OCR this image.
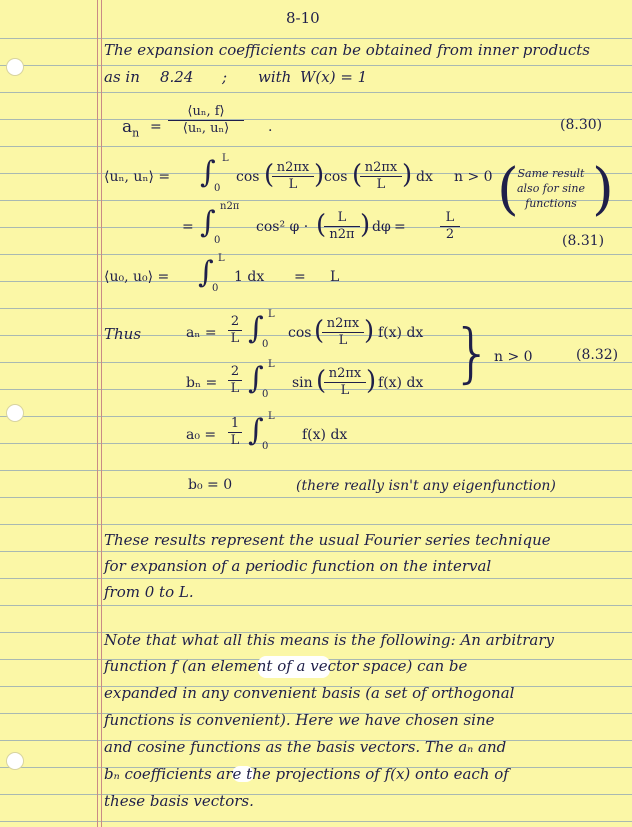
8-10
The expansion coefficients can be obtained from inner products
as in 8.24 ; with W(x) = 1
$a_n = \frac{\text{⟨uₙ, f⟩}}{\text{⟨uₙ, uₙ⟩}}$ .	(8.30)
⟨uₙ, uₙ⟩ = ∫ L
0
cos (
$\frac{n2\pi x}{L}$ ) cos (
$\frac{n2\pi x}{L}$ ) dx n > 0
= ∫ n2π
0
cos² φ · (
$\frac{L}{n2\pi}$ ) dφ =	$\frac{L}{2}$
Same result also for sine functions
( )
(8.31)
⟨u₀, u₀⟩ = ∫ L
0
1 dx = L
Thus	$a_n = \frac{2}{L}$ ∫ L
0
cos (
$\frac{n2\pi x}{L}$ ) f(x) dx
$b_n = \frac{2}{L}$ ∫ L
0
sin (
$\frac{n2\pi x}{L}$ ) f(x) dx } n > 0	(8.32)
$a_0 = \frac{1}{L}$ ∫ L
0
f(x) dx
b₀ = 0	(there really isn't any eigenfunction)
These results represent the usual Fourier series technique
for expansion of a periodic function on the interval
from 0 to L.
Note that what all this means is the following: An arbitrary
function f (an element of a vector space) can be
expanded in any convenient basis (a set of orthogonal
functions is convenient). Here we have chosen sine
and cosine functions as the basis vectors. The aₙ and
bₙ coefficients are the projections of f(x) onto each of
these basis vectors.
